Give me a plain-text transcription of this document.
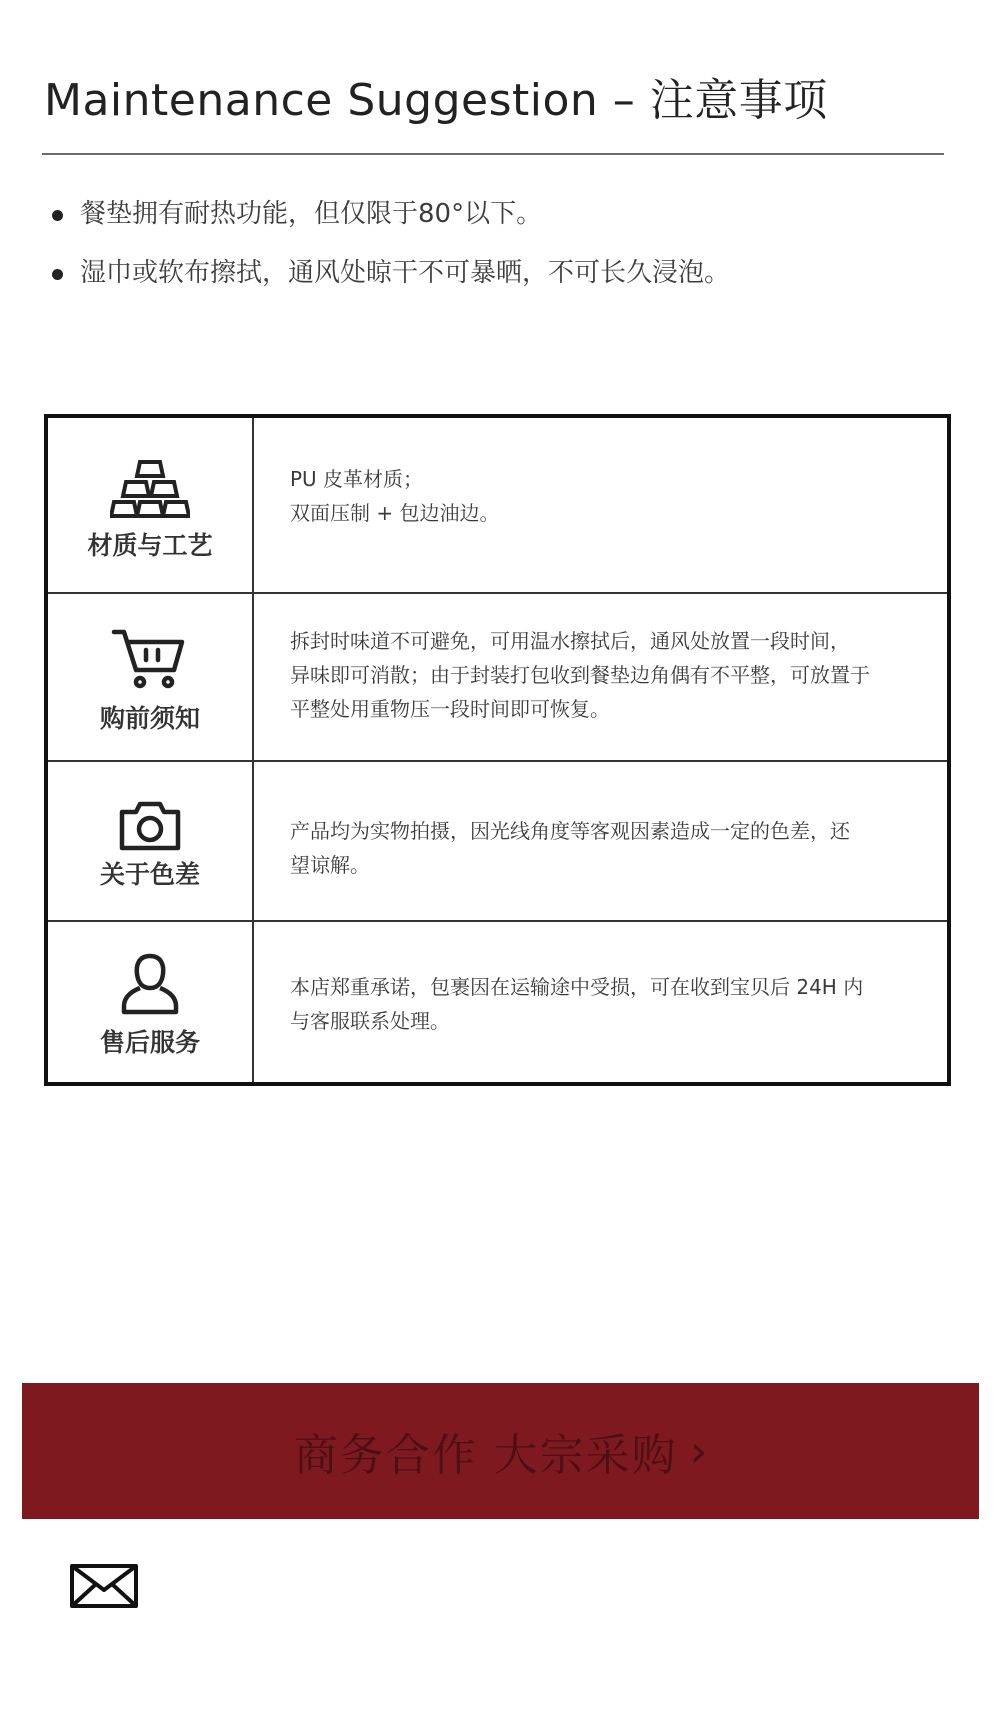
Maintenance Suggestion – 注意事项
餐垫拥有耐热功能，但仅限于80°以下。
湿巾或软布擦拭，通风处晾干不可暴晒，不可长久浸泡。
材质与工艺

PU 皮革材质；

双面压制 + 包边油边。

购前须知

拆封时味道不可避免，可用温水擦拭后，通风处放置一段时间，

异味即可消散；由于封装打包收到餐垫边角偶有不平整，可放置于

平整处用重物压一段时间即可恢复。

关于色差

产品均为实物拍摄，因光线角度等客观因素造成一定的色差，还

望谅解。

售后服务

本店郑重承诺，包裹因在运输途中受损，可在收到宝贝后 24H 内

与客服联系处理。

商务合作 大宗采购 ›
